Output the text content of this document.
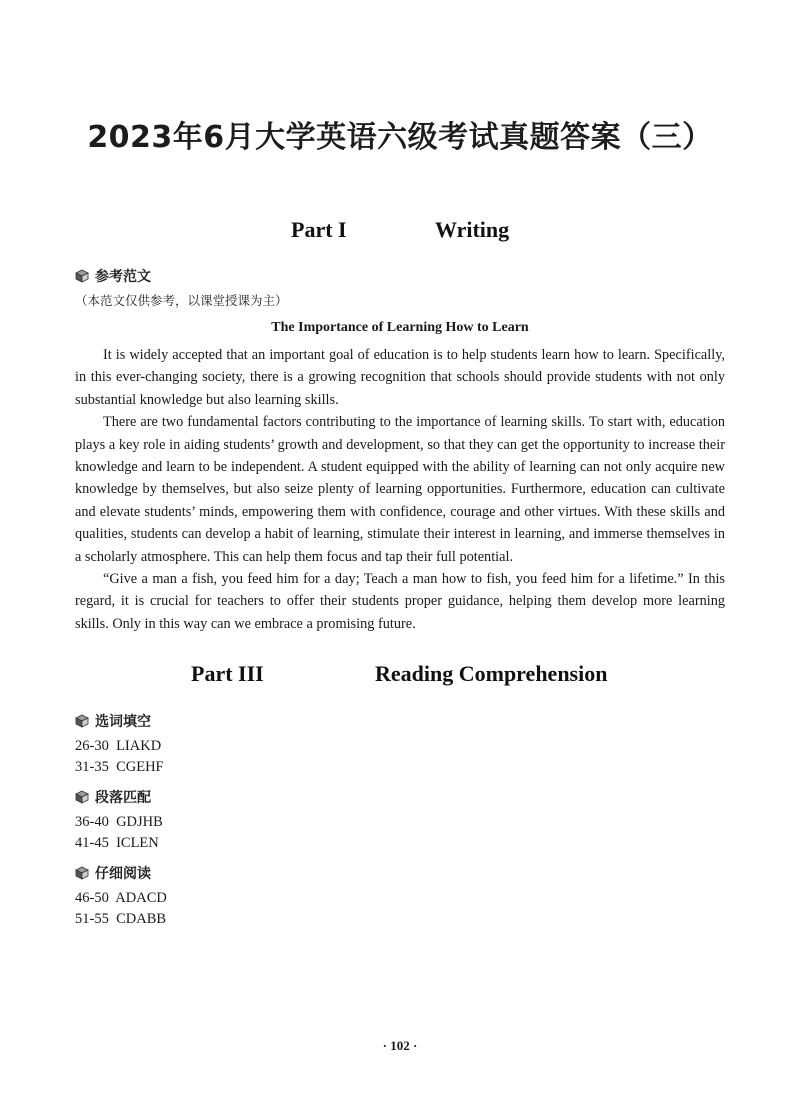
2023年6月大学英语六级考试真题答案（三）
Part I	Writing
参考范文
（本范文仅供参考，以课堂授课为主）
The Importance of Learning How to Learn

It is widely accepted that an important goal of education is to help students learn how to learn. Specifically, in this ever-changing society, there is a growing recognition that schools should provide students with not only substantial knowledge but also learning skills.

There are two fundamental factors contributing to the importance of learning skills. To start with, education plays a key role in aiding students’ growth and development, so that they can get the opportunity to increase their knowledge and learn to be independent. A student equipped with the ability of learning can not only acquire new knowledge by themselves, but also seize plenty of learning opportunities. Furthermore, education can cultivate and elevate students’ minds, empowering them with confidence, courage and other virtues. With these skills and qualities, students can develop a habit of learning, stimulate their interest in learning, and immerse themselves in a scholarly atmosphere. This can help them focus and tap their full potential.

“Give a man a fish, you feed him for a day; Teach a man how to fish, you feed him for a lifetime.” In this regard, it is crucial for teachers to offer their students proper guidance, helping them develop more learning skills. Only in this way can we embrace a promising future.

Part III	Reading Comprehension
选词填空
26-30  LIAKD
31-35  CGEHF
段落匹配
36-40  GDJHB
41-45  ICLEN
仔细阅读
46-50  ADACD
51-55  CDABB
· 102 ·
